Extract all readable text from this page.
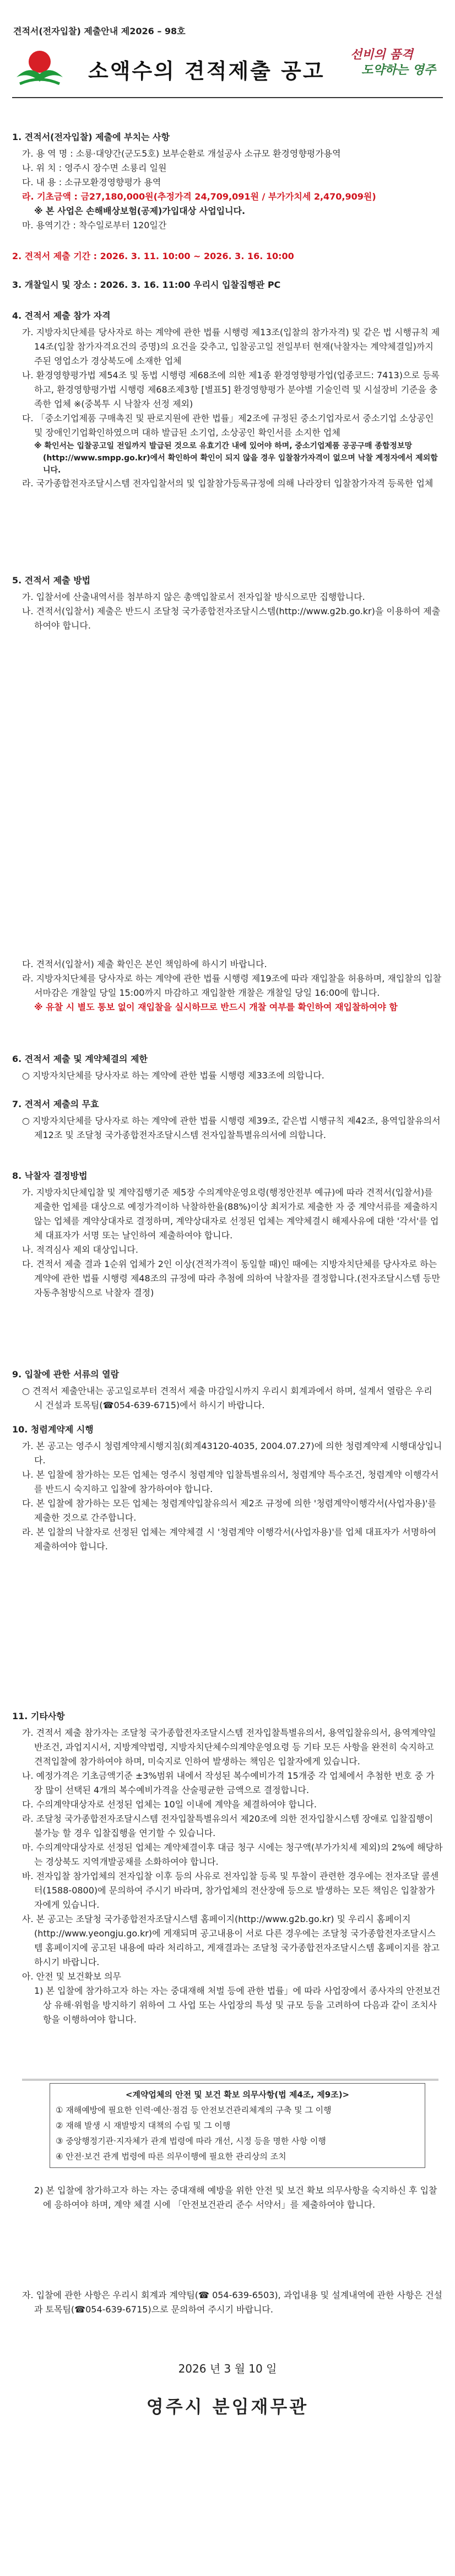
견적서(전자입찰) 제출안내 제2026 – 98호
소액수의 견적제출 공고
선비의 품격
도약하는 영주
1. 견적서(전자입찰) 제출에 부치는 사항

가. 용 역 명 : 소룡·대양간(군도5호) 보부순환로 개설공사 소규모 환경영향평가용역

나. 위 치 : 영주시 장수면 소룡리 일원

다. 내 용 : 소규모환경영향평가 용역

라. 기초금액 : 금27,180,000원(추정가격 24,709,091원 / 부가가치세 2,470,909원)

※ 본 사업은 손해배상보험(공제)가입대상 사업입니다.

마. 용역기간 : 착수일로부터 120일간

2. 견적서 제출 기간 : 2026. 3. 11. 10:00 ~ 2026. 3. 16. 10:00
3. 개찰일시 및 장소 : 2026. 3. 16. 11:00 우리시 입찰집행관 PC
4. 견적서 제출 참가 자격

가. 지방자치단체를 당사자로 하는 계약에 관한 법률 시행령 제13조(입찰의 참가자격) 및 같은 법 시행규칙 제14조(입찰 참가자격요건의 증명)의 요건을 갖추고, 입찰공고일 전일부터 현재(낙찰자는 계약체결일)까지 주된 영업소가 경상북도에 소재한 업체

나. 환경영향평가법 제54조 및 동법 시행령 제68조에 의한 제1종 환경영향평가업(업종코드: 7413)으로 등록하고, 환경영향평가법 시행령 제68조제3항 [별표5] 환경영향평가 분야별 기술인력 및 시설장비 기준을 충족한 업체 ※(중복투 시 낙찰자 선정 제외)

다. 「중소기업제품 구매촉진 및 판로지원에 관한 법률」제2조에 규정된 중소기업자로서 중소기업 소상공인 및 장애인기업확인하였으며 대하 발급된 소기업, 소상공인 확인서를 소지한 업체

※ 확인서는 입찰공고일 전일까지 발급된 것으로 유효기간 내에 있어야 하며, 중소기업제품 공공구매 종합정보망(http://www.smpp.go.kr)에서 확인하여 확인이 되지 않을 경우 입찰참가자격이 없으며 낙찰 계정자에서 제외합니다.

라. 국가종합전자조달시스템 전자입찰서의 및 입찰참가등록규정에 의해 나라장터 입찰참가자격 등록한 업체

5. 견적서 제출 방법

가. 입찰서에 산출내역서를 첨부하지 않은 총액입찰로서 전자입찰 방식으로만 집행합니다.

나. 견적서(입찰서) 제출은 반드시 조달청 국가종합전자조달시스템(http://www.g2b.go.kr)을 이용하여 제출하여야 합니다.

다. 견적서(입찰서) 제출 확인은 본인 책임하에 하시기 바랍니다.

라. 지방자치단체를 당사자로 하는 계약에 관한 법률 시행령 제19조에 따라 재입찰을 허용하며, 재입찰의 입찰서마감은 개찰일 당일 15:00까지 마감하고 재입찰한 개찰은 개찰일 당일 16:00에 합니다.

※ 유찰 시 별도 통보 없이 재입찰을 실시하므로 반드시 개찰 여부를 확인하여 재입찰하여야 함

6. 견적서 제출 및 계약체결의 제한

○ 지방자치단체를 당사자로 하는 계약에 관한 법률 시행령 제33조에 의합니다.

7. 견적서 제출의 무효

○ 지방자치단체를 당사자로 하는 계약에 관한 법률 시행령 제39조, 같은법 시행규칙 제42조, 용역입찰유의서 제12조 및 조달청 국가종합전자조달시스템 전자입찰특별유의서에 의합니다.

8. 낙찰자 결정방법

가. 지방자치단체입찰 및 계약집행기준 제5장 수의계약운영요령(행정안전부 예규)에 따라 견적서(입찰서)를 제출한 업체를 대상으로 예정가격이하 낙찰하한율(88%)이상 최저가로 제출한 자 중 계약서류를 제출하지 않는 업체를 계약상대자로 결정하며, 계약상대자로 선정된 업체는 계약체결시 해제사유에 대한 '각서'를 업체 대표자가 서명 또는 날인하여 제출하여야 합니다.

나. 적격심사 제외 대상입니다.

다. 견적서 제출 결과 1순위 업체가 2인 이상(견적가격이 동일할 때)인 때에는 지방자치단체를 당사자로 하는 계약에 관한 법률 시행령 제48조의 규정에 따라 추첨에 의하여 낙찰자를 결정합니다.(전자조달시스템 등만 자동추첨방식으로 낙찰자 결정)

9. 입찰에 관한 서류의 열람

○ 견적서 제출안내는 공고일로부터 견적서 제출 마감일시까지 우리시 회계과에서 하며, 설계서 열람은 우리 시 건설과 토목팀(☎054-639-6715)에서 하시기 바랍니다.

10. 청렴계약제 시행

가. 본 공고는 영주시 청렴계약제시행지침(회계43120-4035, 2004.07.27)에 의한 청렴계약제 시행대상입니다.

나. 본 입찰에 참가하는 모든 업체는 영주시 청렴계약 입찰특별유의서, 청렴계약 특수조건, 청렴계약 이행각서를 반드시 숙지하고 입찰에 참가하여야 합니다.

다. 본 입찰에 참가하는 모든 업체는 청렴계약입찰유의서 제2조 규정에 의한 '청렴계약이행각서(사업자용)'를 제출한 것으로 간주합니다.

라. 본 입찰의 낙찰자로 선정된 업체는 계약체결 시 '청렴계약 이행각서(사업자용)'를 업체 대표자가 서명하여 제출하여야 합니다.

11. 기타사항

가. 견적서 제출 참가자는 조달청 국가종합전자조달시스템 전자입찰특별유의서, 용역입찰유의서, 용역계약일반조건, 과업지시서, 지방계약법령, 지방자치단체수의계약운영요령 등 기타 모든 사항을 완전히 숙지하고 견적입찰에 참가하여야 하며, 미숙지로 인하여 발생하는 책임은 입찰자에게 있습니다.

나. 예정가격은 기초금액기준 ±3%범위 내에서 작성된 복수예비가격 15개중 각 업체에서 추첨한 번호 중 가장 많이 선택된 4개의 복수예비가격을 산술평균한 금액으로 결정합니다.

다. 수의계약대상자로 선정된 업체는 10일 이내에 계약을 체결하여야 합니다.

라. 조달청 국가종합전자조달시스템 전자입찰특별유의서 제20조에 의한 전자입찰시스템 장애로 입찰집행이 불가능 할 경우 입찰집행을 연기할 수 있습니다.

마. 수의계약대상자로 선정된 업체는 계약체결이후 대금 청구 시에는 청구액(부가가치세 제외)의 2%에 해당하는 경상북도 지역개발공채를 소화하여야 합니다.

바. 전자입찰 참가업체의 전자입찰 이후 등의 사유로 전자입찰 등록 및 투찰이 관련한 경우에는 전자조달 콜센터(1588-0800)에 문의하여 주시기 바라며, 참가업체의 전산장애 등으로 발생하는 모든 책임은 입찰참가자에게 있습니다.

사. 본 공고는 조달청 국가종합전자조달시스템 홈페이지(http://www.g2b.go.kr) 및 우리시 홈페이지(http://www.yeongju.go.kr)에 게재되며 공고내용이 서로 다른 경우에는 조달청 국가종합전자조달시스템 홈페이지에 공고된 내용에 따라 처리하고, 게재결과는 조달청 국가종합전자조달시스템 홈페이지를 참고하시기 바랍니다.

아. 안전 및 보건확보 의무

1) 본 입찰에 참가하고자 하는 자는 중대재해 처벌 등에 관한 법률」에 따라 사업장에서 종사자의 안전보건상 유해·위험을 방지하기 위하여 그 사업 또는 사업장의 특성 및 규모 등을 고려하여 다음과 같이 조치사항을 이행하여야 합니다.

<계약업체의 안전 및 보건 확보 의무사항(법 제4조, 제9조)>
① 재해예방에 필요한 인력·예산·점검 등 안전보건관리체계의 구축 및 그 이행
② 재해 발생 시 재발방지 대책의 수립 및 그 이행
③ 중앙행정기관·지자체가 관계 법령에 따라 개선, 시정 등을 명한 사항 이행
④ 안전·보건 관계 법령에 따른 의무이행에 필요한 관리상의 조치

2) 본 입찰에 참가하고자 하는 자는 중대재해 예방을 위한 안전 및 보건 확보 의무사항을 숙지하신 후 입찰에 응하여야 하며, 계약 체결 시에 「안전보건관리 준수 서약서」를 제출하여야 합니다.

자. 입찰에 관한 사항은 우리시 회계과 계약팀(☎ 054-639-6503), 과업내용 및 설계내역에 관한 사항은 건설과 토목팀(☎054-639-6715)으로 문의하여 주시기 바랍니다.

2026 년 3 월 10 일
영주시 분임재무관
